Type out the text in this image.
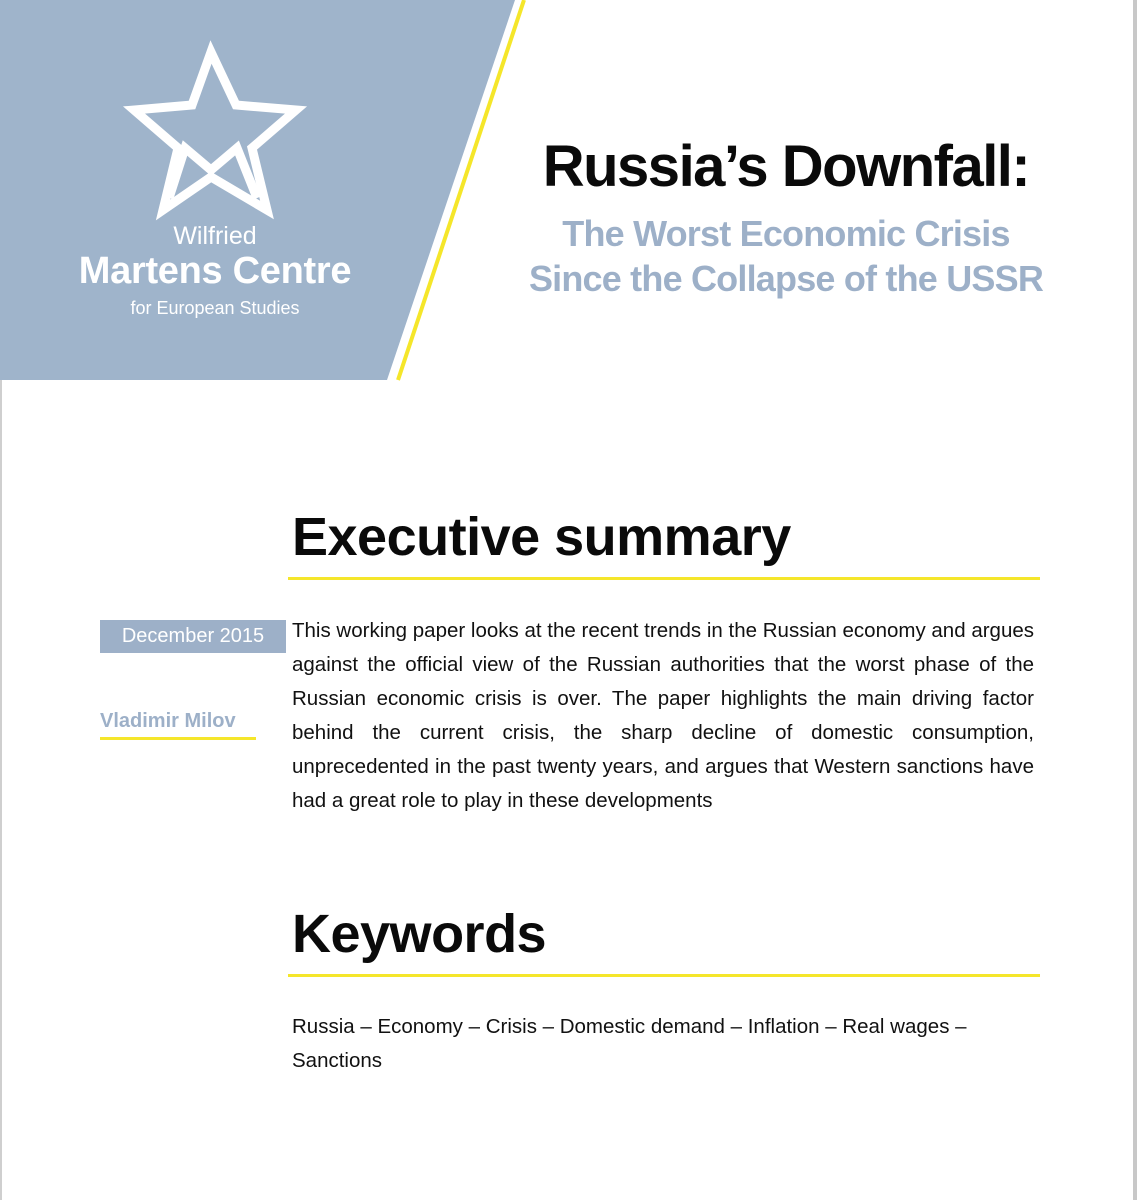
Wilfried
Martens Centre
for European Studies
Russia’s Downfall:
The Worst Economic Crisis
Since the Collapse of the USSR
Executive summary
December 2015
Vladimir Milov

This working paper looks at the recent trends in the Russian economy and argues against the official view of the Russian authorities that the worst phase of the Russian economic crisis is over. The paper highlights the main driving factor behind the current crisis, the sharp decline of domestic consumption, unprecedented in the past twenty years, and argues that Western sanctions have had a great role to play in these developments

Keywords

Russia – Economy – Crisis – Domestic demand – Inflation – Real wages – Sanctions
